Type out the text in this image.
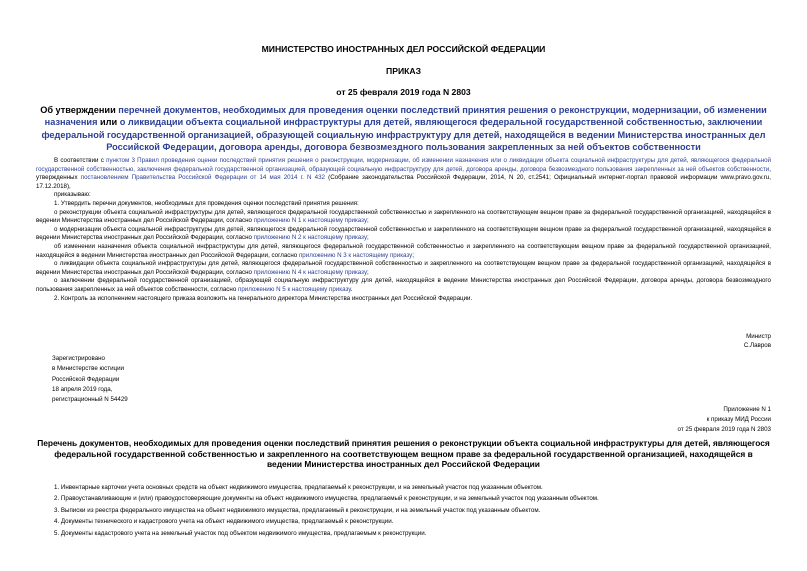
МИНИСТЕРСТВО ИНОСТРАННЫХ ДЕЛ РОССИЙСКОЙ ФЕДЕРАЦИИ
ПРИКАЗ
от 25 февраля 2019 года N 2803
Об утверждении перечней документов, необходимых для проведения оценки последствий принятия решения о реконструкции, модернизации, об изменении назначения или о ликвидации объекта социальной инфраструктуры для детей, являющегося федеральной государственной собственностью, заключении федеральной государственной организацией, образующей социальную инфраструктуру для детей, находящейся в ведении Министерства иностранных дел Российской Федерации, договора аренды, договора безвозмездного пользования закрепленных за ней объектов собственности

В соответствии с пунктом 3 Правил проведения оценки последствий принятия решения о реконструкции, модернизации, об изменении назначения или о ликвидации объекта социальной инфраструктуры для детей, являющегося федеральной государственной собственностью, заключения федеральной государственной организацией, образующей социальную инфраструктуру для детей, договора аренды, договора безвозмездного пользования закрепленных за ней объектов собственности, утвержденных постановлением Правительства Российской Федерации от 14 мая 2014 г. N 432 (Собрание законодательства Российской Федерации, 2014, N 20, ст.2541; Официальный интернет-портал правовой информации www.pravo.gov.ru, 17.12.2018),

приказываю:

1. Утвердить перечни документов, необходимых для проведения оценки последствий принятия решения:

о реконструкции объекта социальной инфраструктуры для детей, являющегося федеральной государственной собственностью и закрепленного на соответствующем вещном праве за федеральной государственной организацией, находящейся в ведении Министерства иностранных дел Российской Федерации, согласно приложению N 1 к настоящему приказу;

о модернизации объекта социальной инфраструктуры для детей, являющегося федеральной государственной собственностью и закрепленного на соответствующем вещном праве за федеральной государственной организацией, находящейся в ведении Министерства иностранных дел Российской Федерации, согласно приложению N 2 к настоящему приказу;

об изменении назначения объекта социальной инфраструктуры для детей, являющегося федеральной государственной собственностью и закрепленного на соответствующем вещном праве за федеральной государственной организацией, находящейся в ведении Министерства иностранных дел Российской Федерации, согласно приложению N 3 к настоящему приказу;

о ликвидации объекта социальной инфраструктуры для детей, являющегося федеральной государственной собственностью и закрепленного на соответствующем вещном праве за федеральной государственной организацией, находящейся в ведении Министерства иностранных дел Российской Федерации, согласно приложению N 4 к настоящему приказу;

о заключении федеральной государственной организацией, образующей социальную инфраструктуру для детей, находящейся в ведении Министерства иностранных дел Российской Федерации, договора аренды, договора безвозмездного пользования закрепленных за ней объектов собственности, согласно приложению N 5 к настоящему приказу.

2. Контроль за исполнением настоящего приказа возложить на генерального директора Министерства иностранных дел Российской Федерации.

Министр
С.Лавров
Зарегистрировано
в Министерстве юстиции
Российской Федерации
18 апреля 2019 года,
регистрационный N 54429
Приложение N 1
к приказу МИД России
от 25 февраля 2019 года N 2803
Перечень документов, необходимых для проведения оценки последствий принятия решения о реконструкции объекта социальной инфраструктуры для детей, являющегося федеральной государственной собственностью и закрепленного на соответствующем вещном праве за федеральной государственной организацией, находящейся в ведении Министерства иностранных дел Российской Федерации
1. Инвентарные карточки учета основных средств на объект недвижимого имущества, предлагаемый к реконструкции, и на земельный участок под указанным объектом.
2. Правоустанавливающие и (или) правоудостоверяющие документы на объект недвижимого имущества, предлагаемый к реконструкции, и на земельный участок под указанным объектом.
3. Выписки из реестра федерального имущества на объект недвижимого имущества, предлагаемый к реконструкции, и на земельный участок под указанным объектом.
4. Документы технического и кадастрового учета на объект недвижимого имущества, предлагаемый к реконструкции.
5. Документы кадастрового учета на земельный участок под объектом недвижимого имущества, предлагаемым к реконструкции.
